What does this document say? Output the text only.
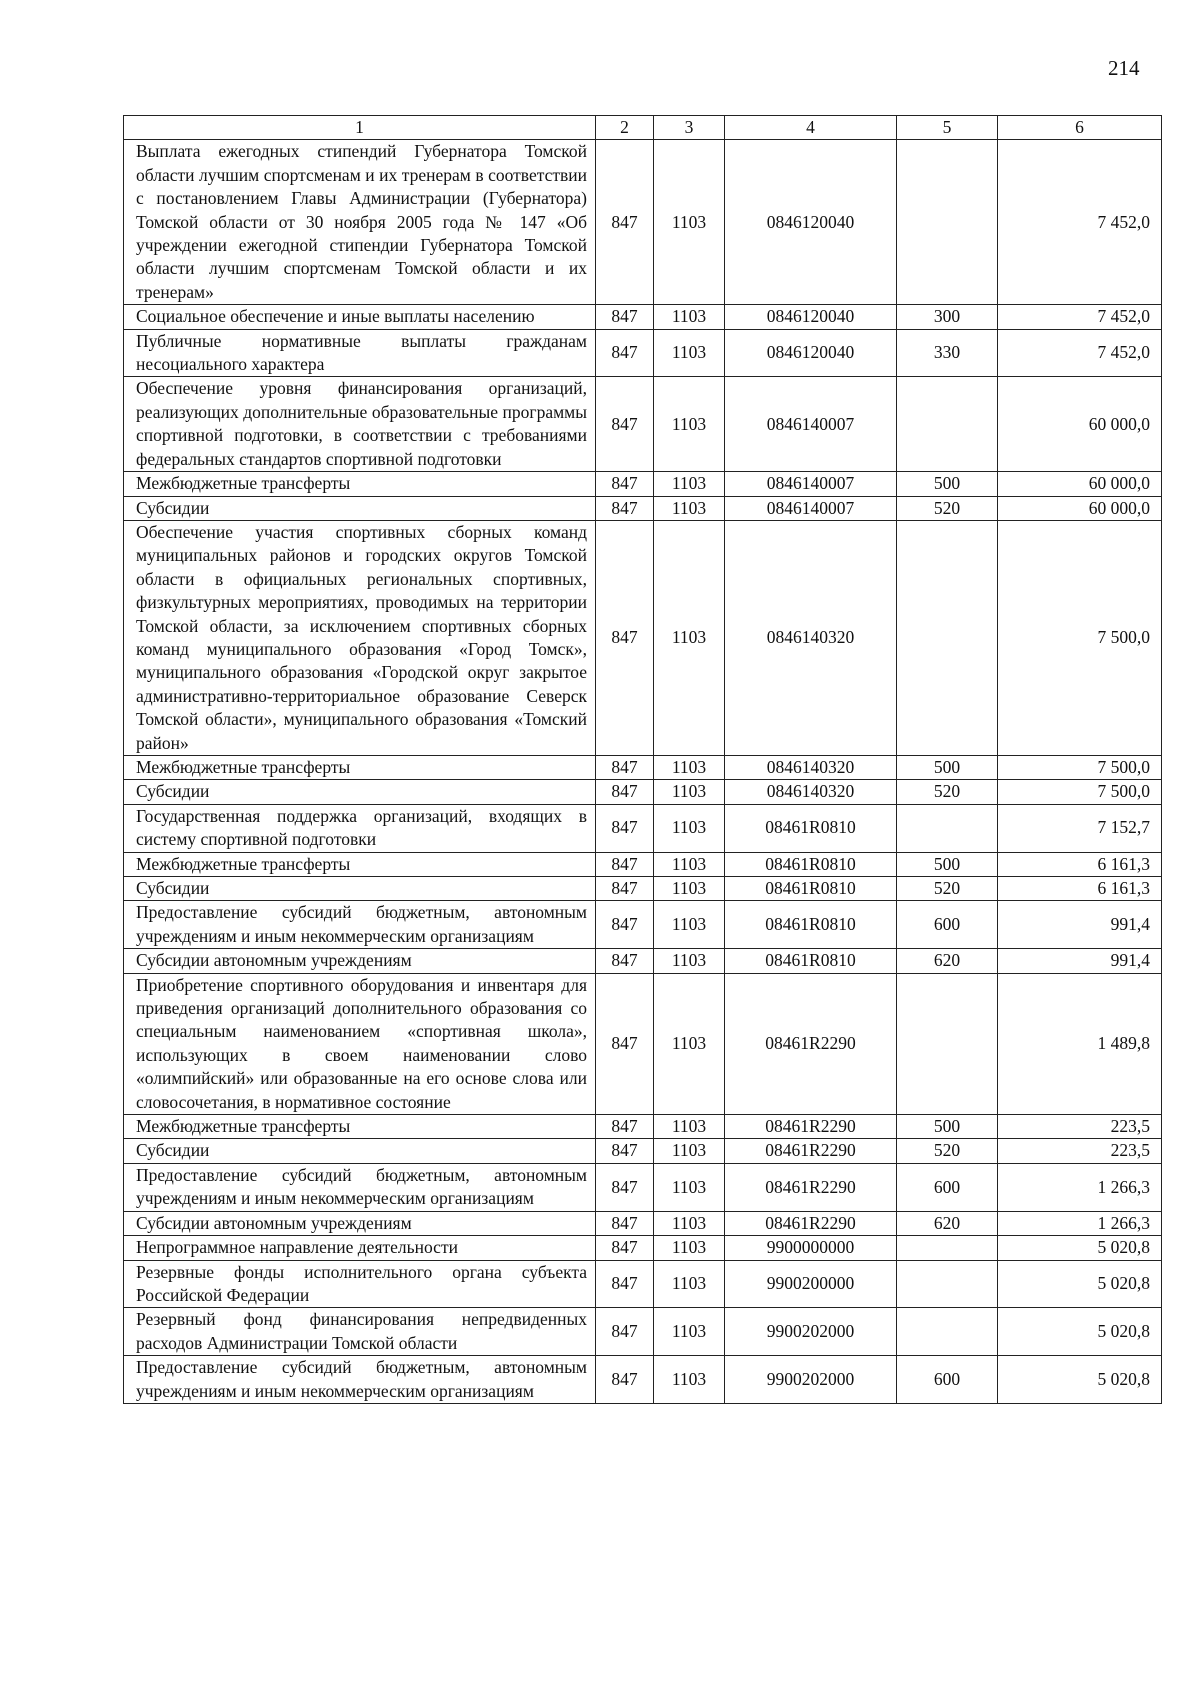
214
1	2	3	4	5	6
Выплата ежегодных стипендий Губернатора Томской области лучшим спортсменам и их тренерам в соответствии с постановлением Главы Администрации (Губернатора) Томской области от 30 ноября 2005 года № 147 «Об учреждении ежегодной стипендии Губернатора Томской области лучшим спортсменам Томской области и их тренерам»	847	1103	0846120040		7 452,0
Социальное обеспечение и иные выплаты населению	847	1103	0846120040	300	7 452,0
Публичные нормативные выплаты гражданам несоциального характера	847	1103	0846120040	330	7 452,0
Обеспечение уровня финансирования организаций, реализующих дополнительные образовательные программы спортивной подготовки, в соответствии с требованиями федеральных стандартов спортивной подготовки	847	1103	0846140007		60 000,0
Межбюджетные трансферты	847	1103	0846140007	500	60 000,0
Субсидии	847	1103	0846140007	520	60 000,0
Обеспечение участия спортивных сборных команд муниципальных районов и городских округов Томской области в официальных региональных спортивных, физкультурных мероприятиях, проводимых на территории Томской области, за исключением спортивных сборных команд муниципального образования «Город Томск», муниципального образования «Городской округ закрытое административно-территориальное образование Северск Томской области», муниципального образования «Томский район»	847	1103	0846140320		7 500,0
Межбюджетные трансферты	847	1103	0846140320	500	7 500,0
Субсидии	847	1103	0846140320	520	7 500,0
Государственная поддержка организаций, входящих в систему спортивной подготовки	847	1103	08461R0810		7 152,7
Межбюджетные трансферты	847	1103	08461R0810	500	6 161,3
Субсидии	847	1103	08461R0810	520	6 161,3
Предоставление субсидий бюджетным, автономным учреждениям и иным некоммерческим организациям	847	1103	08461R0810	600	991,4
Субсидии автономным учреждениям	847	1103	08461R0810	620	991,4
Приобретение спортивного оборудования и инвентаря для приведения организаций дополнительного образования со специальным наименованием «спортивная школа», использующих в своем наименовании слово «олимпийский» или образованные на его основе слова или словосочетания, в нормативное состояние	847	1103	08461R2290		1 489,8
Межбюджетные трансферты	847	1103	08461R2290	500	223,5
Субсидии	847	1103	08461R2290	520	223,5
Предоставление субсидий бюджетным, автономным учреждениям и иным некоммерческим организациям	847	1103	08461R2290	600	1 266,3
Субсидии автономным учреждениям	847	1103	08461R2290	620	1 266,3
Непрограммное направление деятельности	847	1103	9900000000		5 020,8
Резервные фонды исполнительного органа субъекта Российской Федерации	847	1103	9900200000		5 020,8
Резервный фонд финансирования непредвиденных расходов Администрации Томской области	847	1103	9900202000		5 020,8
Предоставление субсидий бюджетным, автономным учреждениям и иным некоммерческим организациям	847	1103	9900202000	600	5 020,8
